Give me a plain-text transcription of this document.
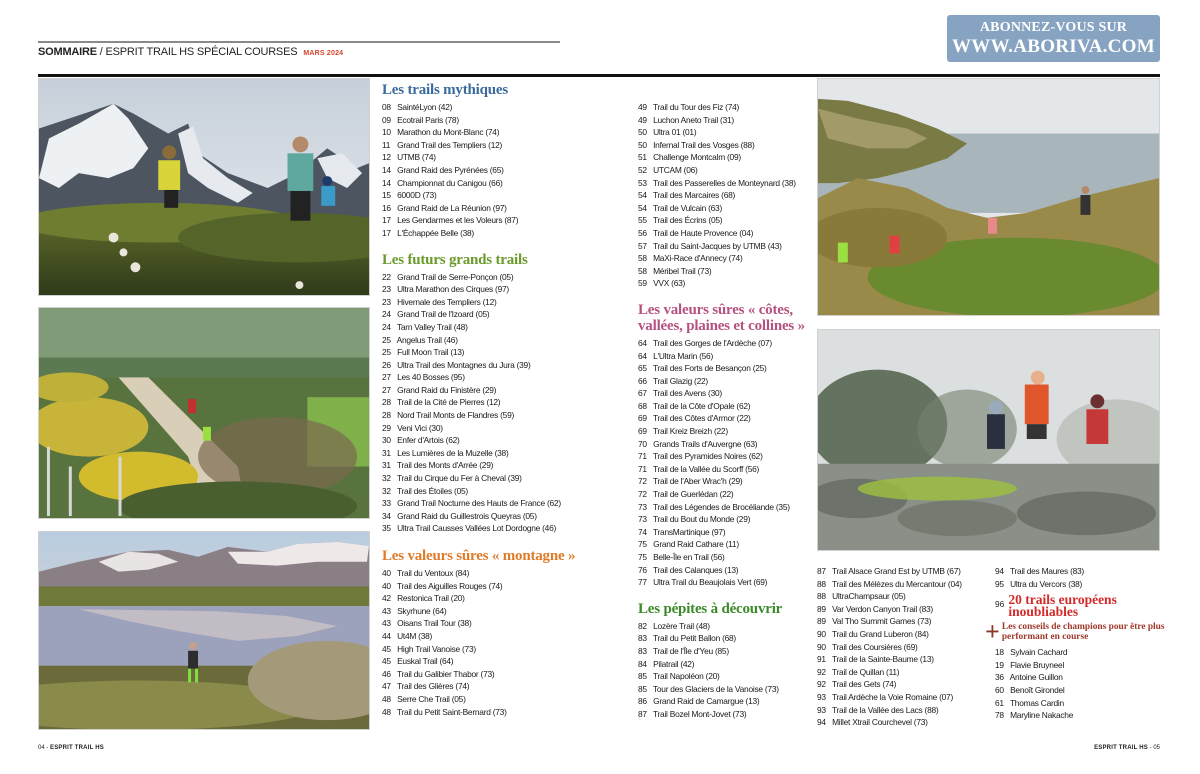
SOMMAIRE / ESPRIT TRAIL HS SPÉCIAL COURSES MARS 2024
ABONNEZ-VOUS SUR
WWW.ABORIVA.COM
Les trails mythiques
08 SaintéLyon (42)
09 Ecotrail Paris (78)
10 Marathon du Mont-Blanc (74)
11 Grand Trail des Templiers (12)
12 UTMB (74)
14 Grand Raid des Pyrénées (65)
14 Championnat du Canigou (66)
15 6000D (73)
16 Grand Raid de La Réunion (97)
17 Les Gendarmes et les Voleurs (87)
17 L'Échappée Belle (38)
Les futurs grands trails
22 Grand Trail de Serre-Ponçon (05)
23 Ultra Marathon des Cirques (97)
23 Hivernale des Templiers (12)
24 Grand Trail de l'Izoard (05)
24 Tarn Valley Trail (48)
25 Angelus Trail (46)
25 Full Moon Trail (13)
26 Ultra Trail des Montagnes du Jura (39)
27 Les 40 Bosses (95)
27 Grand Raid du Finistère (29)
28 Trail de la Cité de Pierres (12)
28 Nord Trail Monts de Flandres (59)
29 Veni Vici (30)
30 Enfer d'Artois (62)
31 Les Lumières de la Muzelle (38)
31 Trail des Monts d'Arrée (29)
32 Trail du Cirque du Fer à Cheval (39)
32 Trail des Étoiles (05)
33 Grand Trail Nocturne des Hauts de France (62)
34 Grand Raid du Guillestrois Queyras (05)
35 Ultra Trail Causses Vallées Lot Dordogne (46)
Les valeurs sûres « montagne »
40 Trail du Ventoux (84)
40 Trail des Aiguilles Rouges (74)
42 Restonica Trail (20)
43 Skyrhune (64)
43 Oisans Trail Tour (38)
44 Ut4M (38)
45 High Trail Vanoise (73)
45 Euskal Trail (64)
46 Trail du Galibier Thabor (73)
47 Trail des Glières (74)
48 Serre Che Trail (05)
48 Trail du Petit Saint-Bernard (73)
49 Trail du Tour des Fiz (74)
49 Luchon Aneto Trail (31)
50 Ultra 01 (01)
50 Infernal Trail des Vosges (88)
51 Challenge Montcalm (09)
52 UTCAM (06)
53 Trail des Passerelles de Monteynard (38)
54 Trail des Marcaires (68)
54 Trail de Vulcain (63)
55 Trail des Écrins (05)
56 Trail de Haute Provence (04)
57 Trail du Saint-Jacques by UTMB (43)
58 MaXi-Race d'Annecy (74)
58 Méribel Trail (73)
59 VVX (63)
Les valeurs sûres « côtes, vallées, plaines et collines »
64 Trail des Gorges de l'Ardèche (07)
64 L'Ultra Marin (56)
65 Trail des Forts de Besançon (25)
66 Trail Glazig (22)
67 Trail des Avens (30)
68 Trail de la Côte d'Opale (62)
69 Trail des Côtes d'Armor (22)
69 Trail Kreiz Breizh (22)
70 Grands Trails d'Auvergne (63)
71 Trail des Pyramides Noires (62)
71 Trail de la Vallée du Scorff (56)
72 Trail de l'Aber Wrac'h (29)
72 Trail de Guerlédan (22)
73 Trail des Légendes de Brocéliande (35)
73 Trail du Bout du Monde (29)
74 TransMartinique (97)
75 Grand Raid Cathare (11)
75 Belle-Île en Trail (56)
76 Trail des Calanques (13)
77 Ultra Trail du Beaujolais Vert (69)
Les pépites à découvrir
82 Lozère Trail (48)
83 Trail du Petit Ballon (68)
83 Trail de l'Île d'Yeu (85)
84 Pilatrail (42)
85 Trail Napoléon (20)
85 Tour des Glaciers de la Vanoise (73)
86 Grand Raid de Camargue (13)
87 Trail Bozel Mont-Jovet (73)
87 Trail Alsace Grand Est by UTMB (67)
88 Trail des Mélèzes du Mercantour (04)
88 UltraChampsaur (05)
89 Var Verdon Canyon Trail (83)
89 Val Tho Summit Games (73)
90 Trail du Grand Luberon (84)
90 Trail des Coursières (69)
91 Trail de la Sainte-Baume (13)
92 Trail de Quillan (11)
92 Trail des Gets (74)
93 Trail Ardèche la Voie Romaine (07)
93 Trail de la Vallée des Lacs (88)
94 Millet Xtrail Courchevel (73)
94 Trail des Maures (83)
95 Ultra du Vercors (38)
96 20 trails européens inoubliables
+ Les conseils de champions pour être plus performant en course
18 Sylvain Cachard
19 Flavie Bruyneel
36 Antoine Guillon
60 Benoît Girondel
61 Thomas Cardin
78 Maryline Nakache
04 - ESPRIT TRAIL HS	ESPRIT TRAIL HS - 05
